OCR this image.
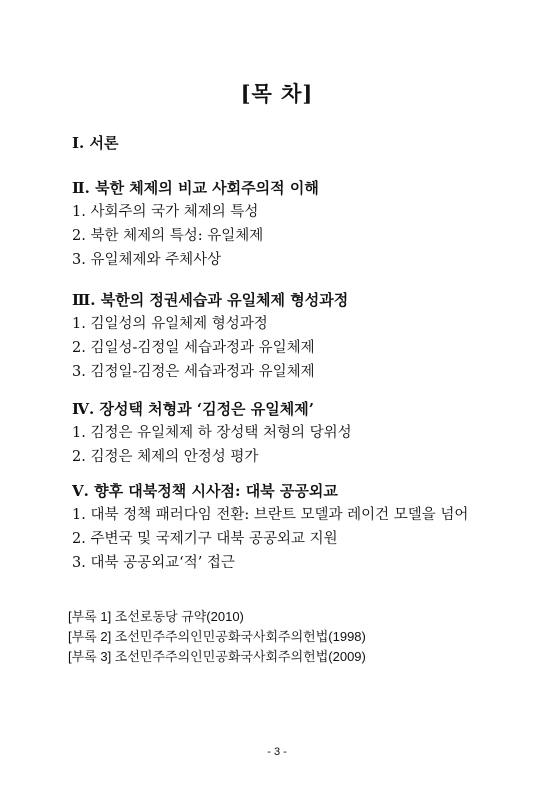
[목 차]
Ⅰ. 서론
Ⅱ. 북한 체제의 비교 사회주의적 이해
1. 사회주의 국가 체제의 특성
2. 북한 체제의 특성: 유일체제
3. 유일체제와 주체사상
Ⅲ. 북한의 정권세습과 유일체제 형성과정
1. 김일성의 유일체제 형성과정
2. 김일성-김정일 세습과정과 유일체제
3. 김정일-김정은 세습과정과 유일체제
Ⅳ. 장성택 처형과 ‘김정은 유일체제’
1. 김정은 유일체제 하 장성택 처형의 당위성
2. 김정은 체제의 안정성 평가
Ⅴ. 향후 대북정책 시사점: 대북 공공외교
1. 대북 정책 패러다임 전환: 브란트 모델과 레이건 모델을 넘어
2. 주변국 및 국제기구 대북 공공외교 지원
3. 대북 공공외교‘적’ 접근
[부록 1] 조선로동당 규약(2010)
[부록 2] 조선민주주의인민공화국사회주의헌법(1998)
[부록 3] 조선민주주의인민공화국사회주의헌법(2009)
- 3 -
